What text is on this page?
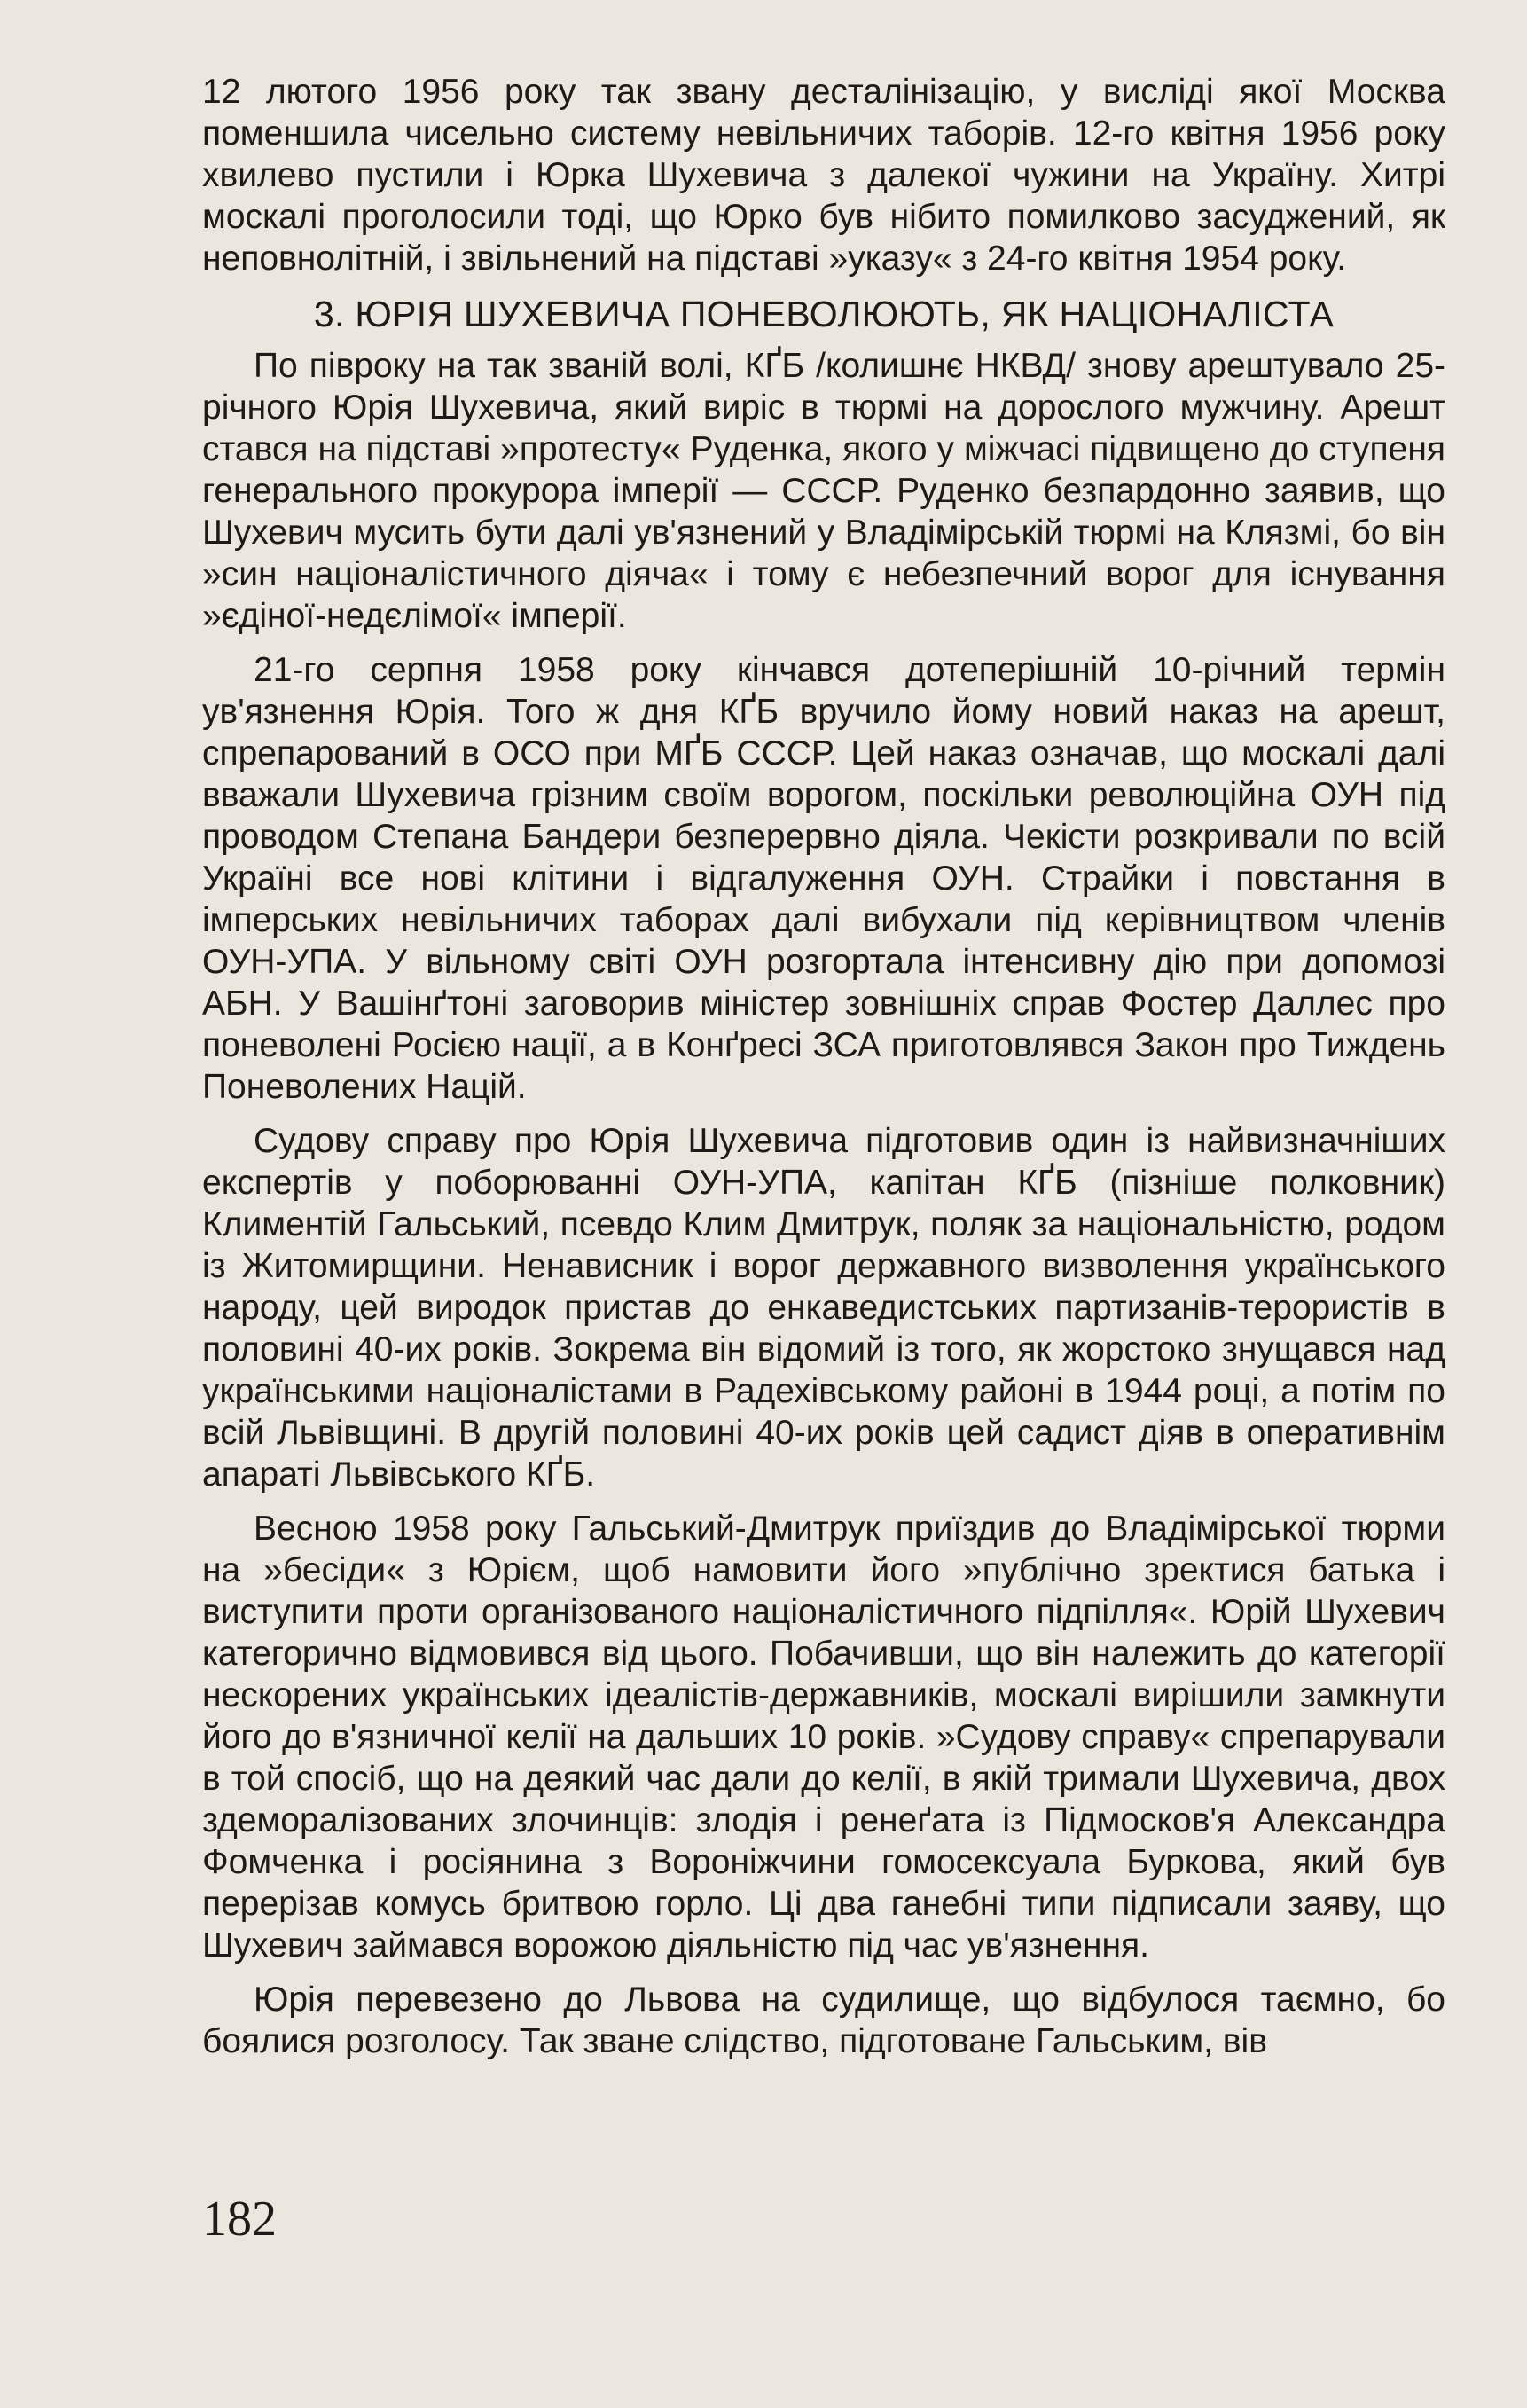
12 лютого 1956 року так звану десталінізацію, у висліді якої Москва поменшила чисельно систему невільничих таборів. 12-го квітня 1956 року хвилево пустили і Юрка Шухевича з далекої чужини на Україну. Хитрі москалі проголосили тоді, що Юрко був нібито помилково засуджений, як неповнолітній, і звільнений на підставі »указу« з 24-го квітня 1954 року.

3. ЮРІЯ ШУХЕВИЧА ПОНЕВОЛЮЮТЬ, ЯК НАЦІОНАЛІСТА

По півроку на так званій волі, КҐБ /колишнє НКВД/ знову арештувало 25-річного Юрія Шухевича, який виріс в тюрмі на дорослого мужчину. Арешт стався на підставі »протесту« Руденка, якого у міжчасі підвищено до ступеня генерального прокурора імперії — СССР. Руденко безпардонно заявив, що Шухевич мусить бути далі ув'язнений у Владімірській тюрмі на Клязмі, бо він »син націоналістичного діяча« і тому є небезпечний ворог для існування »єдіної-недєлімої« імперії.

21-го серпня 1958 року кінчався дотеперішній 10-річний термін ув'язнення Юрія. Того ж дня КҐБ вручило йому новий наказ на арешт, спрепарований в ОСО при МҐБ СССР. Цей наказ означав, що москалі далі вважали Шухевича грізним своїм ворогом, поскільки революційна ОУН під проводом Степана Бандери безперервно діяла. Чекісти розкривали по всій Україні все нові клітини і відгалуження ОУН. Страйки і повстання в імперських невільничих таборах далі вибухали під керівництвом членів ОУН-УПА. У вільному світі ОУН розгортала інтенсивну дію при допомозі АБН. У Вашінґтоні заговорив міністер зовнішніх справ Фостер Даллес про поневолені Росією нації, а в Конґресі ЗСА приготовлявся Закон про Тиждень Поневолених Націй.

Судову справу про Юрія Шухевича підготовив один із найвизначніших експертів у поборюванні ОУН-УПА, капітан КҐБ (пізніше полковник) Климентій Гальський, псевдо Клим Дмитрук, поляк за національністю, родом із Житомирщини. Ненависник і ворог державного визволення українського народу, цей виродок пристав до енкаведистських партизанів-терористів в половині 40-их років. Зокрема він відомий із того, як жорстоко знущався над українськими націоналістами в Радехівському районі в 1944 році, а потім по всій Львівщині. В другій половині 40-их років цей садист діяв в оперативнім апараті Львівського КҐБ.

Весною 1958 року Гальський-Дмитрук приїздив до Владімірської тюрми на »бесіди« з Юрієм, щоб намовити його »публічно зректися батька і виступити проти організованого націоналістичного підпілля«. Юрій Шухевич категорично відмовився від цього. Побачивши, що він належить до категорії нескорених українських ідеалістів-державників, москалі вирішили замкнути його до в'язничної келії на дальших 10 років. »Судову справу« спрепарували в той спосіб, що на деякий час дали до келії, в якій тримали Шухевича, двох здеморалізованих злочинців: злодія і ренеґата із Підмосков'я Александра Фомченка і росіянина з Вороніжчини гомосексуала Буркова, який був перерізав комусь бритвою горло. Ці два ганебні типи підписали заяву, що Шухевич займався ворожою діяльністю під час ув'язнення.

Юрія перевезено до Львова на судилище, що відбулося таємно, бо боялися розголосу. Так зване слідство, підготоване Гальським, вів

182
